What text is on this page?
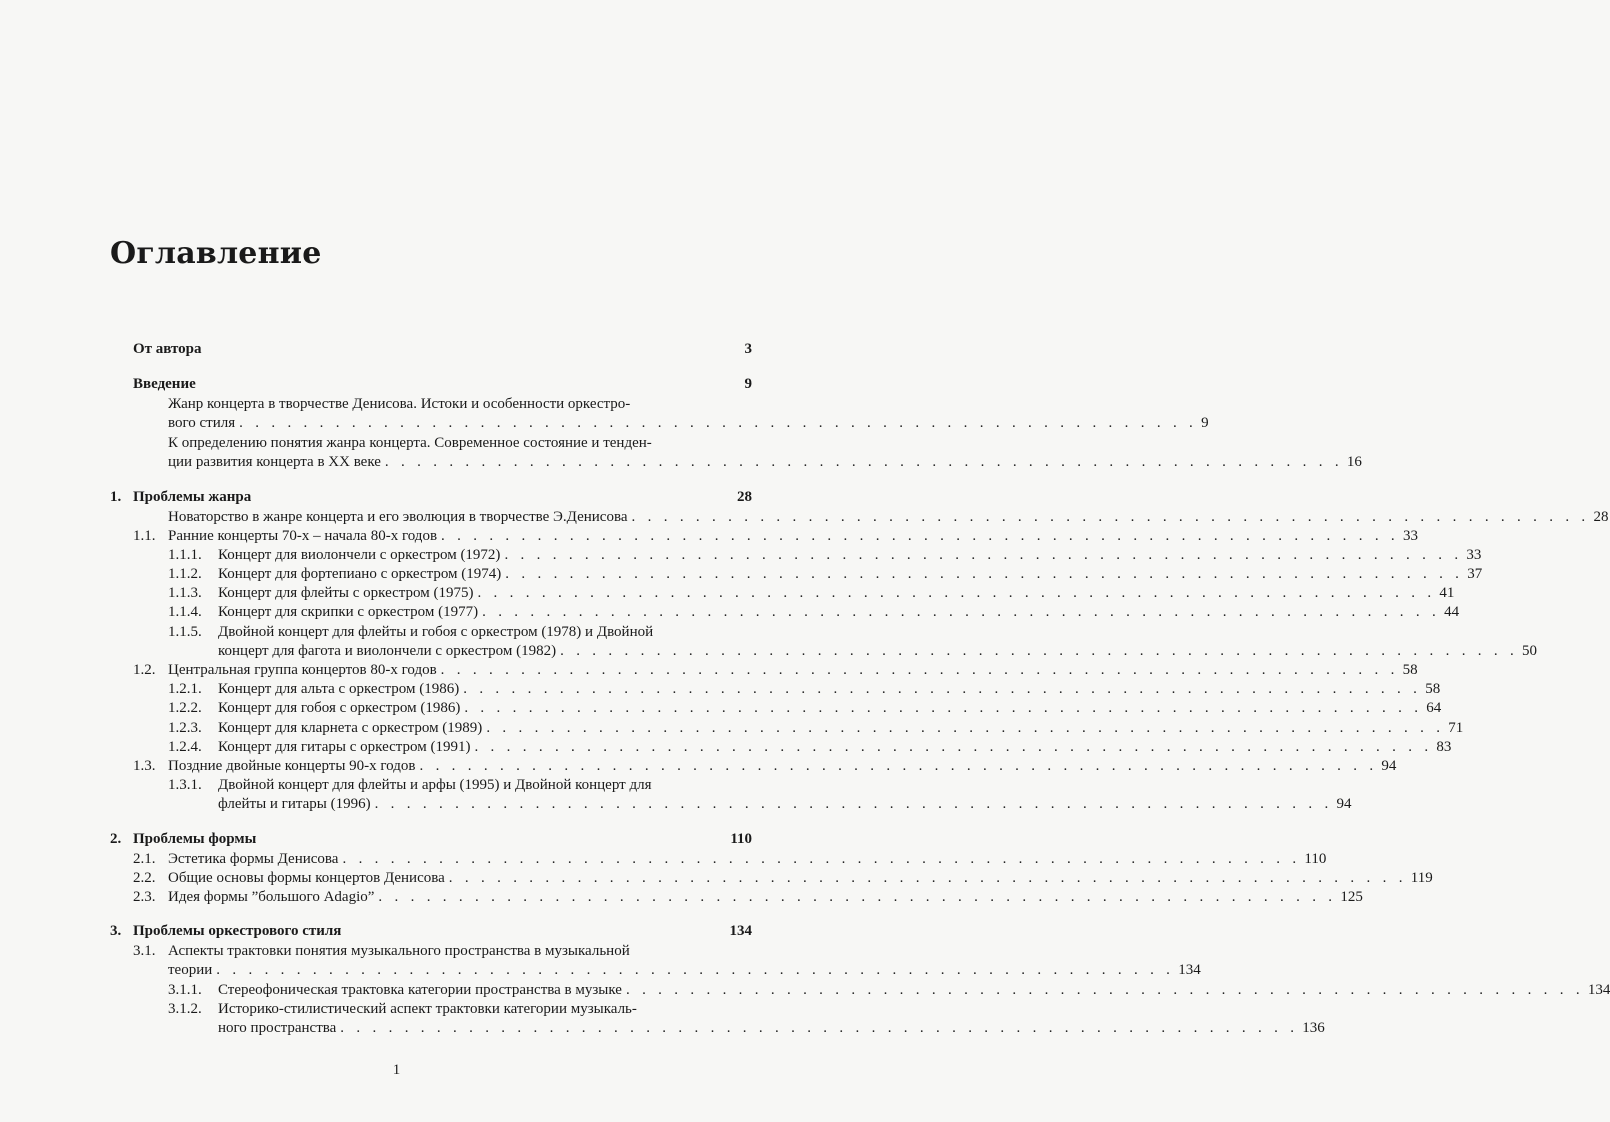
Оглавление
От автора	3
Введение	9
Жанр концерта в творчестве Денисова. Истоки и особенности оркестро-
вого стиля . . . . . . . . . . . . . . . . . . . . . . . . . . . . . . . . . . . . . . . . . . . . . . . . . . . . . . . . . . . . 9
К определению понятия жанра концерта. Современное состояние и тенден-
ции развития концерта в XX веке . . . . . . . . . . . . . . . . . . . . . . . . . . . . . . . . . . . . . . . . . . . . . . . . . . . . . . . . . . . . 16
1. Проблемы жанра	28
Новаторство в жанре концерта и его эволюция в творчестве Э.Денисова . . . . . . . . . . . . . . . . . . . . . . . . . . . . . . . . . . . . . . . . . . . . . . . . . . . . . . . . . . . . 28
1.1. Ранние концерты 70-х – начала 80-х годов . . . . . . . . . . . . . . . . . . . . . . . . . . . . . . . . . . . . . . . . . . . . . . . . . . . . . . . . . . . . 33
1.1.1. Концерт для виолончели с оркестром (1972) . . . . . . . . . . . . . . . . . . . . . . . . . . . . . . . . . . . . . . . . . . . . . . . . . . . . . . . . . . . . 33
1.1.2. Концерт для фортепиано с оркестром (1974) . . . . . . . . . . . . . . . . . . . . . . . . . . . . . . . . . . . . . . . . . . . . . . . . . . . . . . . . . . . . 37
1.1.3. Концерт для флейты с оркестром (1975) . . . . . . . . . . . . . . . . . . . . . . . . . . . . . . . . . . . . . . . . . . . . . . . . . . . . . . . . . . . . 41
1.1.4. Концерт для скрипки с оркестром (1977) . . . . . . . . . . . . . . . . . . . . . . . . . . . . . . . . . . . . . . . . . . . . . . . . . . . . . . . . . . . . 44
1.1.5. Двойной концерт для флейты и гобоя с оркестром (1978) и Двойной
концерт для фагота и виолончели с оркестром (1982) . . . . . . . . . . . . . . . . . . . . . . . . . . . . . . . . . . . . . . . . . . . . . . . . . . . . . . . . . . . . 50
1.2. Центральная группа концертов 80-х годов . . . . . . . . . . . . . . . . . . . . . . . . . . . . . . . . . . . . . . . . . . . . . . . . . . . . . . . . . . . . 58
1.2.1. Концерт для альта с оркестром (1986) . . . . . . . . . . . . . . . . . . . . . . . . . . . . . . . . . . . . . . . . . . . . . . . . . . . . . . . . . . . . 58
1.2.2. Концерт для гобоя с оркестром (1986) . . . . . . . . . . . . . . . . . . . . . . . . . . . . . . . . . . . . . . . . . . . . . . . . . . . . . . . . . . . . 64
1.2.3. Концерт для кларнета с оркестром (1989) . . . . . . . . . . . . . . . . . . . . . . . . . . . . . . . . . . . . . . . . . . . . . . . . . . . . . . . . . . . . 71
1.2.4. Концерт для гитары с оркестром (1991) . . . . . . . . . . . . . . . . . . . . . . . . . . . . . . . . . . . . . . . . . . . . . . . . . . . . . . . . . . . . 83
1.3. Поздние двойные концерты 90-х годов . . . . . . . . . . . . . . . . . . . . . . . . . . . . . . . . . . . . . . . . . . . . . . . . . . . . . . . . . . . . 94
1.3.1. Двойной концерт для флейты и арфы (1995) и Двойной концерт для
флейты и гитары (1996) . . . . . . . . . . . . . . . . . . . . . . . . . . . . . . . . . . . . . . . . . . . . . . . . . . . . . . . . . . . . 94
2. Проблемы формы	110
2.1. Эстетика формы Денисова . . . . . . . . . . . . . . . . . . . . . . . . . . . . . . . . . . . . . . . . . . . . . . . . . . . . . . . . . . . . 110
2.2. Общие основы формы концертов Денисова . . . . . . . . . . . . . . . . . . . . . . . . . . . . . . . . . . . . . . . . . . . . . . . . . . . . . . . . . . . . 119
2.3. Идея формы ”большого Adagio” . . . . . . . . . . . . . . . . . . . . . . . . . . . . . . . . . . . . . . . . . . . . . . . . . . . . . . . . . . . . 125
3. Проблемы оркестрового стиля	134
3.1. Аспекты трактовки понятия музыкального пространства в музыкальной
теории . . . . . . . . . . . . . . . . . . . . . . . . . . . . . . . . . . . . . . . . . . . . . . . . . . . . . . . . . . . . 134
3.1.1. Стереофоническая трактовка категории пространства в музыке . . . . . . . . . . . . . . . . . . . . . . . . . . . . . . . . . . . . . . . . . . . . . . . . . . . . . . . . . . . . 134
3.1.2. Историко-стилистический аспект трактовки категории музыкаль-
ного пространства . . . . . . . . . . . . . . . . . . . . . . . . . . . . . . . . . . . . . . . . . . . . . . . . . . . . . . . . . . . . 136
1
